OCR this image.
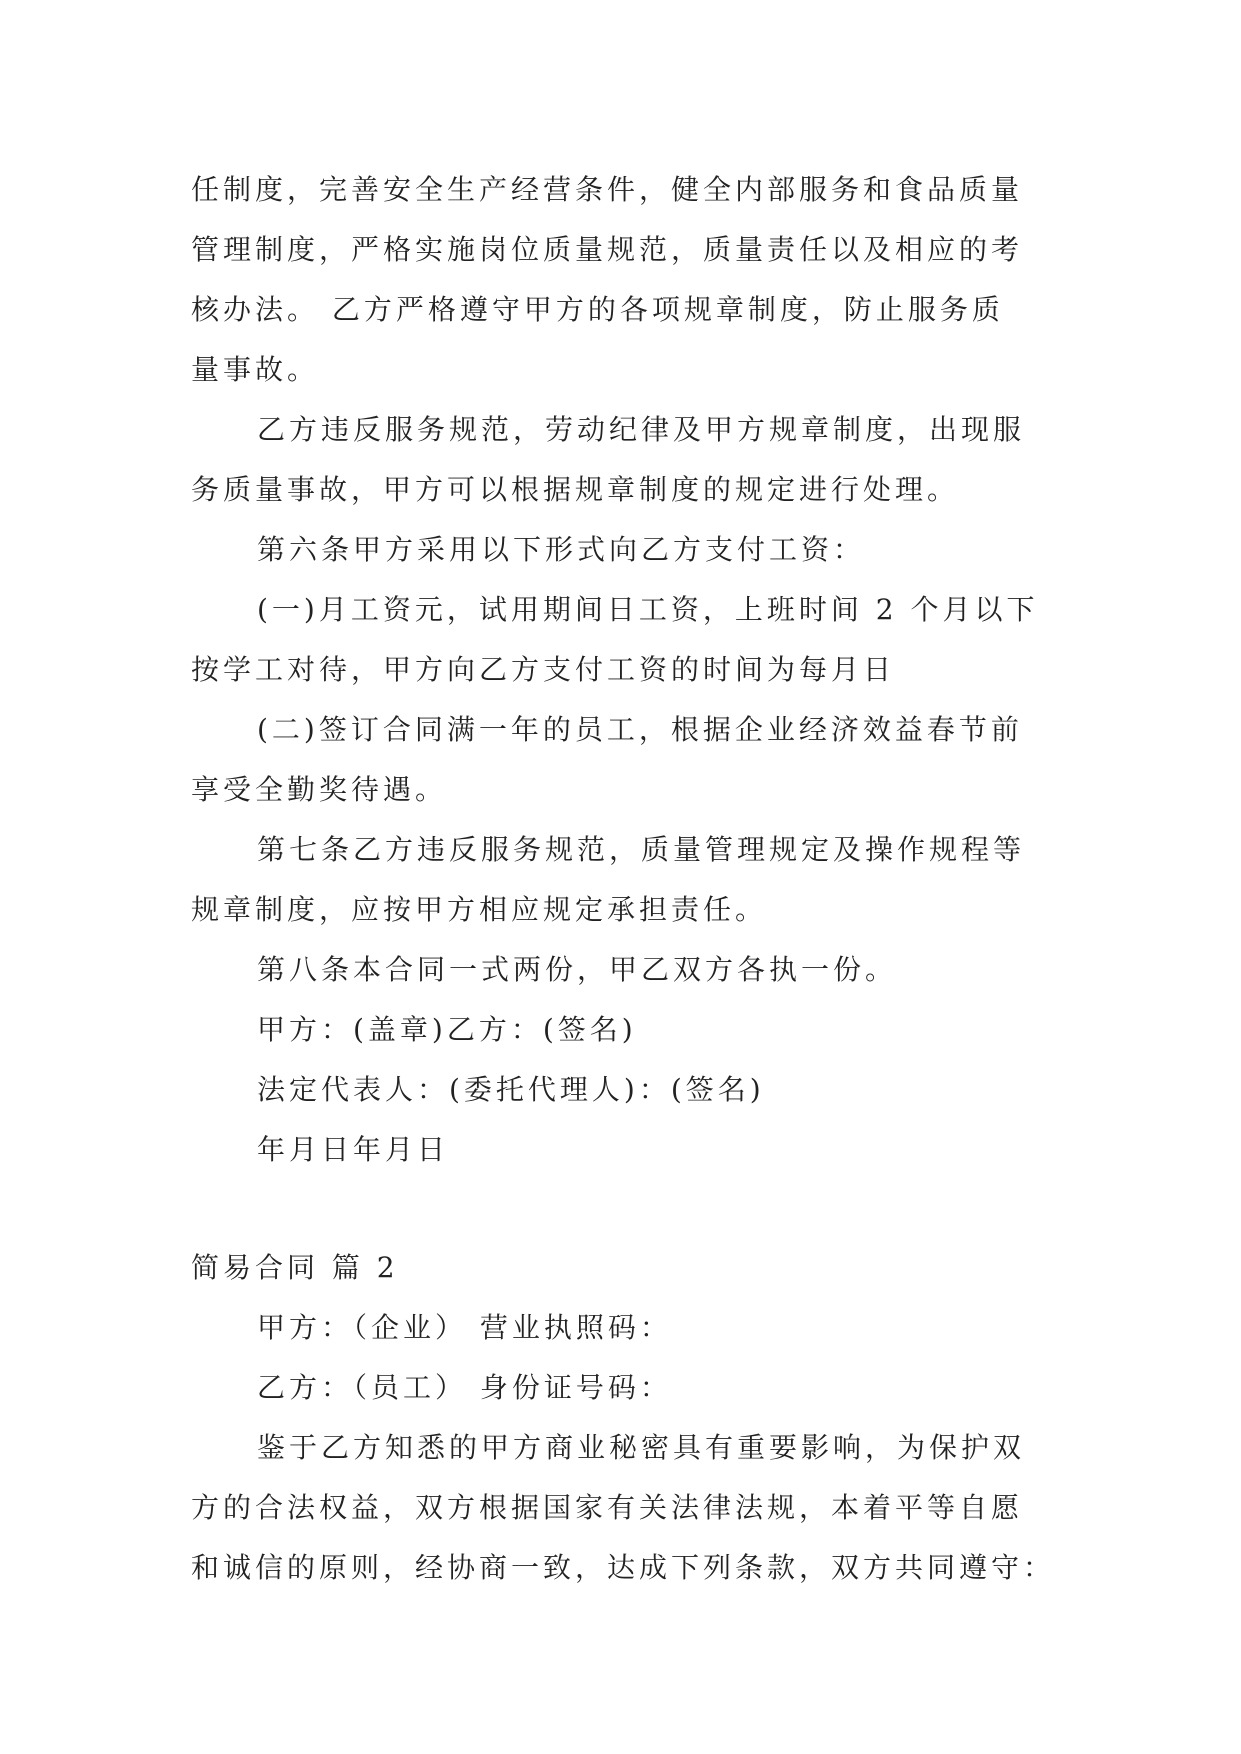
任制度，完善安全生产经营条件，健全内部服务和食品质量

管理制度，严格实施岗位质量规范，质量责任以及相应的考

核办法。 乙方严格遵守甲方的各项规章制度，防止服务质

量事故。

乙方违反服务规范，劳动纪律及甲方规章制度，出现服

务质量事故，甲方可以根据规章制度的规定进行处理。

第六条甲方采用以下形式向乙方支付工资：

(一)月工资元，试用期间日工资，上班时间 2 个月以下

按学工对待，甲方向乙方支付工资的时间为每月日

(二)签订合同满一年的员工，根据企业经济效益春节前

享受全勤奖待遇。

第七条乙方违反服务规范，质量管理规定及操作规程等

规章制度，应按甲方相应规定承担责任。

第八条本合同一式两份，甲乙双方各执一份。

甲方：(盖章)乙方：(签名)

法定代表人：(委托代理人)：(签名)

年月日年月日

简易合同 篇 2

甲方：（企业） 营业执照码：

乙方：（员工） 身份证号码：

鉴于乙方知悉的甲方商业秘密具有重要影响，为保护双

方的合法权益，双方根据国家有关法律法规，本着平等自愿

和诚信的原则，经协商一致，达成下列条款，双方共同遵守：
